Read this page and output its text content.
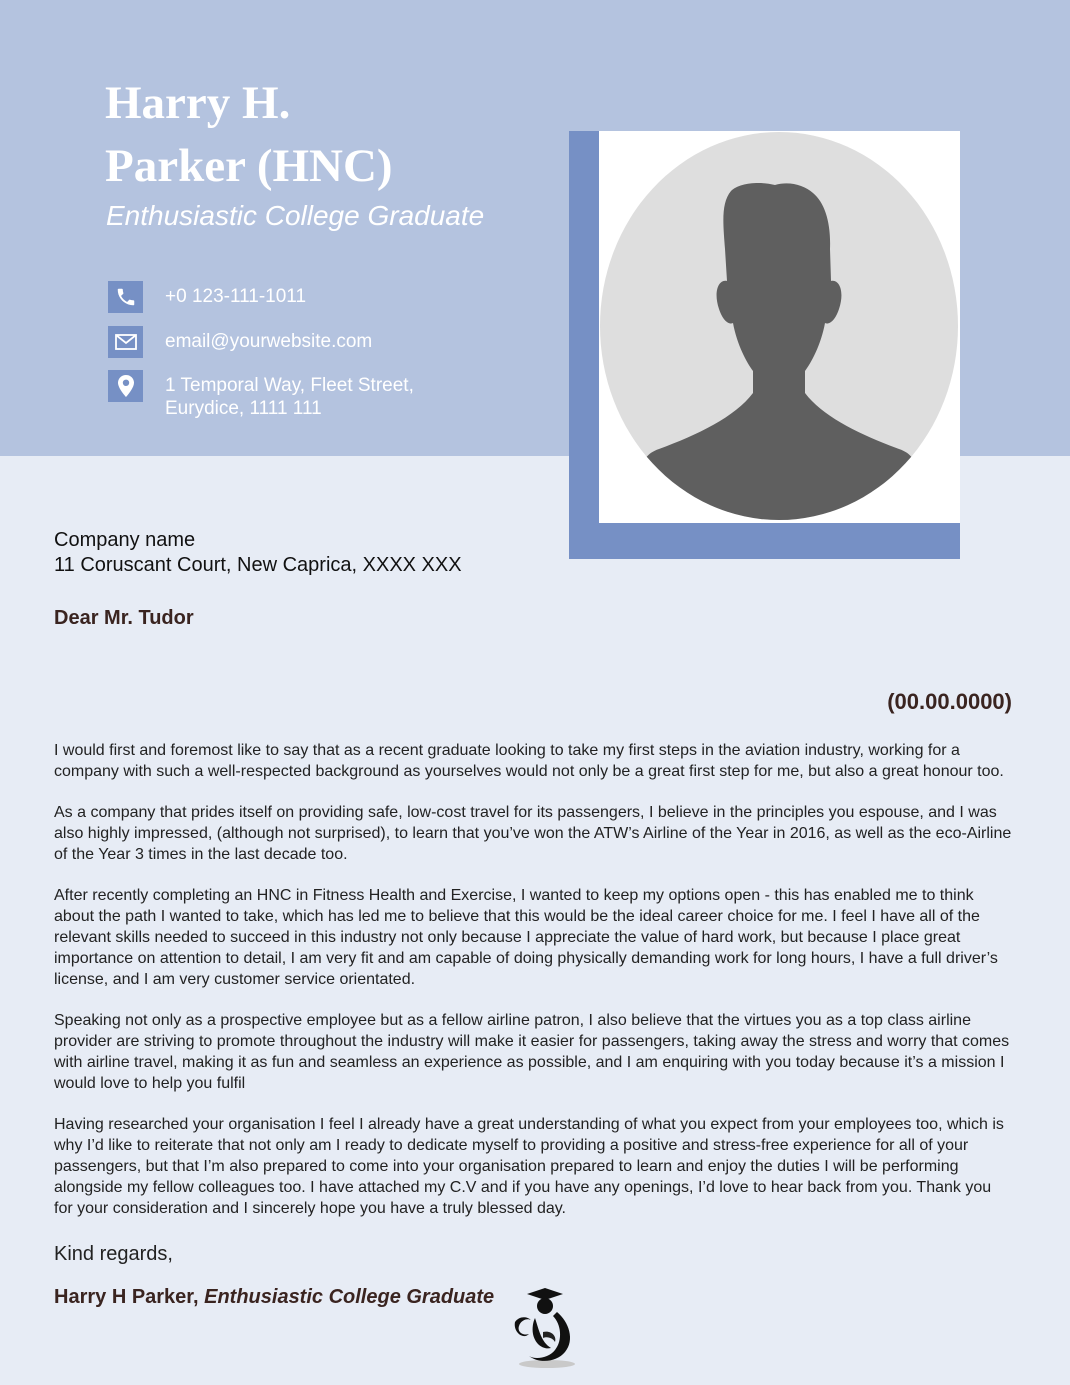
Harry H.
Parker (HNC)
Enthusiastic College Graduate
+0 123-111-1011
email@yourwebsite.com
1 Temporal Way, Fleet Street,
Eurydice, 1111 111
Company name
11 Coruscant Court, New Caprica, XXXX XXX
Dear Mr. Tudor
(00.00.0000)

I would first and foremost like to say that as a recent graduate looking to take my first steps in the aviation industry, working for a company with such a well-respected background as yourselves would not only be a great first step for me, but also a great honour too.

As a company that prides itself on providing safe, low-cost travel for its passengers, I believe in the principles you espouse, and I was also highly impressed, (although not surprised), to learn that you’ve won the ATW’s Airline of the Year in 2016, as well as the eco-Airline of the Year 3 times in the last decade too.

After recently completing an HNC in Fitness Health and Exercise, I wanted to keep my options open - this has enabled me to think about the path I wanted to take, which has led me to believe that this would be the ideal career choice for me. I feel I have all of the relevant skills needed to succeed in this industry not only because I appreciate the value of hard work, but because I place great importance on attention to detail, I am very fit and am capable of doing physically demanding work for long hours, I have a full driver’s license, and I am very customer service orientated.

Speaking not only as a prospective employee but as a fellow airline patron, I also believe that the virtues you as a top class airline provider are striving to promote throughout the industry will make it easier for passengers, taking away the stress and worry that comes with airline travel, making it as fun and seamless an experience as possible, and I am enquiring with you today because it’s a mission I would love to help you fulfil

Having researched your organisation I feel I already have a great understanding of what you expect from your employees too, which is why I’d like to reiterate that not only am I ready to dedicate myself to providing a positive and stress-free experience for all of your passengers, but that I’m also prepared to come into your organisation prepared to learn and enjoy the duties I will be performing alongside my fellow colleagues too. I have attached my C.V and if you have any openings, I’d love to hear back from you. Thank you for your consideration and I sincerely hope you have a truly blessed day.

Kind regards,
Harry H Parker, Enthusiastic College Graduate
